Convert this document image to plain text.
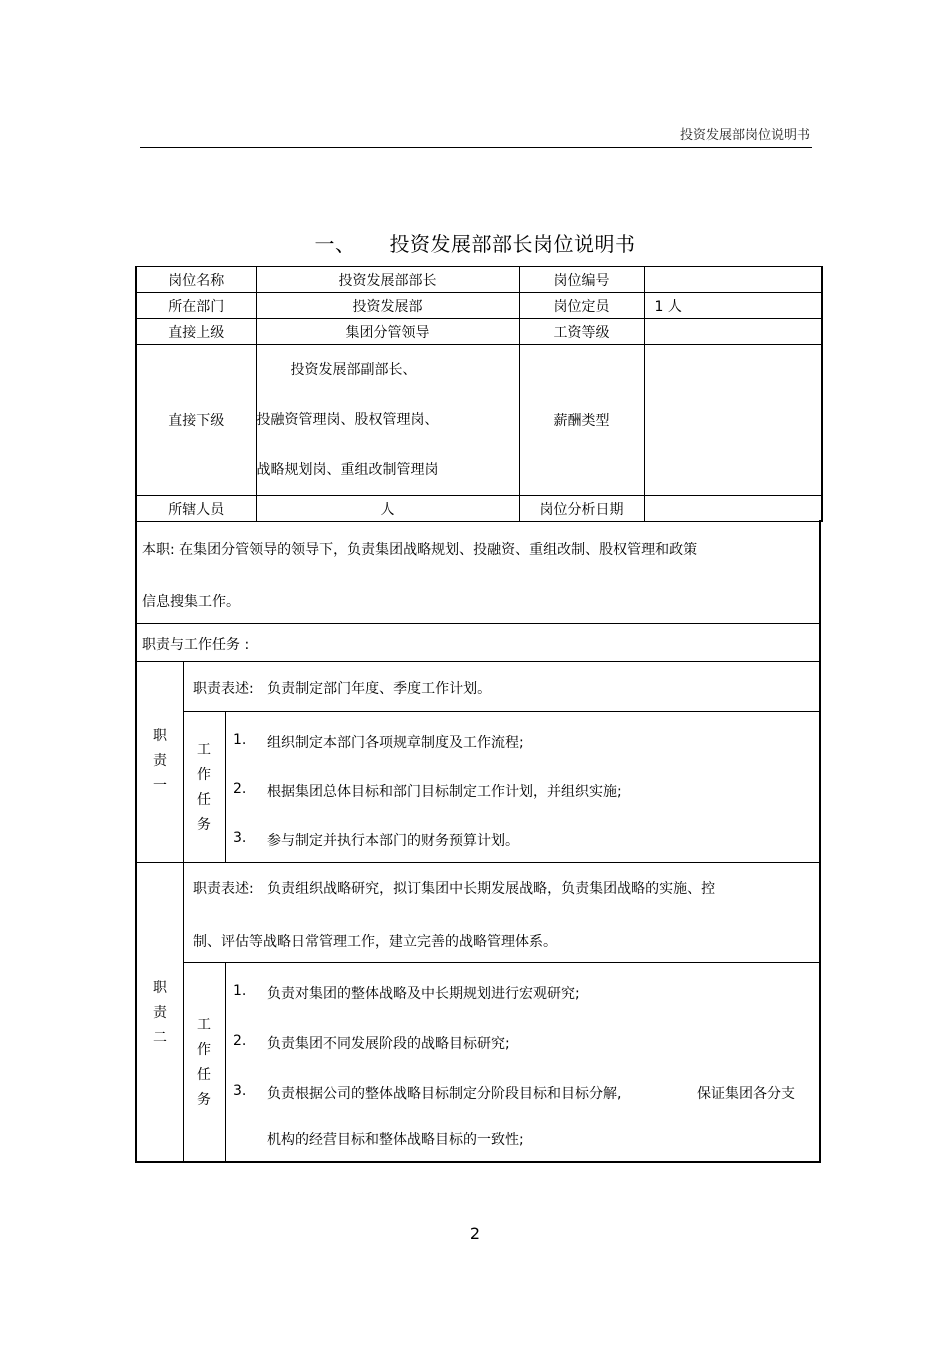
投资发展部岗位说明书
一、 投资发展部部长岗位说明书
岗位名称	投资发展部部长	岗位编号	
所在部门	投资发展部	岗位定员	1 人
直接上级	集团分管领导	工资等级	
直接下级	投资发展部副部长、
投融资管理岗、股权管理岗、
战略规划岗、重组改制管理岗	薪酬类型	
所辖人员	人	岗位分析日期	
本职: 在集团分管领导的领导下，负责集团战略规划、投融资、重组改制、股权管理和政策
信息搜集工作。
职责与工作任务 :
职
责
一
职责表述: 负责制定部门年度、季度工作计划。
工
作
任
务
1. 组织制定本部门各项规章制度及工作流程;
2. 根据集团总体目标和部门目标制定工作计划，并组织实施;
3. 参与制定并执行本部门的财务预算计划。
职
责
二
职责表述: 负责组织战略研究，拟订集团中长期发展战略，负责集团战略的实施、控
制、评估等战略日常管理工作，建立完善的战略管理体系。
工
作
任
务
1. 负责对集团的整体战略及中长期规划进行宏观研究;
2. 负责集团不同发展阶段的战略目标研究;
3. 负责根据公司的整体战略目标制定分阶段目标和目标分解,	保证集团各分支
机构的经营目标和整体战略目标的一致性;
2
